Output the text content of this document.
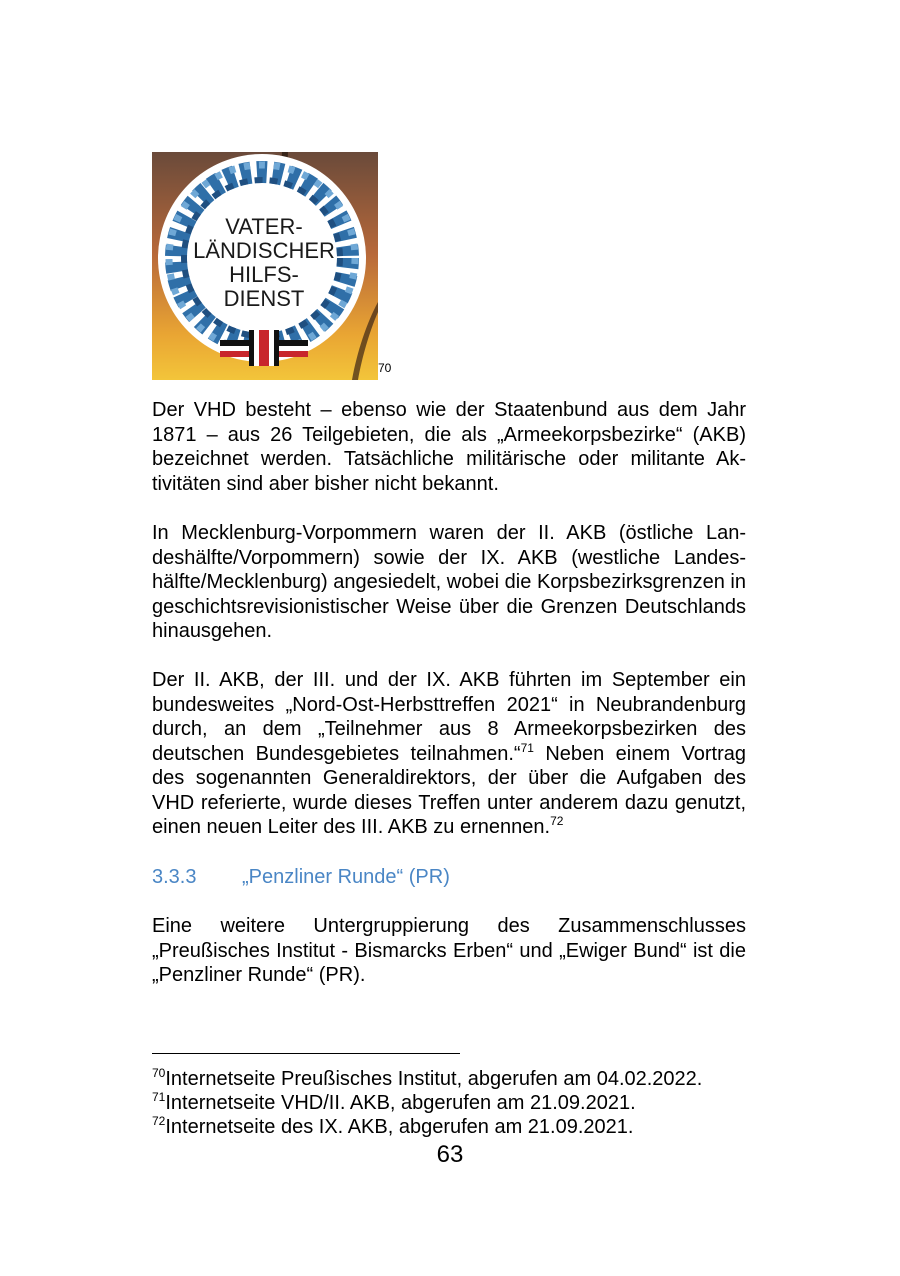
VATER-
LÄNDISCHER
HILFS-
DIENST
70

Der VHD besteht – ebenso wie der Staatenbund aus dem Jahr 1871 – aus 26 Teilgebieten, die als „Armeekorpsbezirke“ (AKB) bezeichnet werden. Tatsächliche militärische oder militante Aktivitäten sind aber bisher nicht bekannt.

In Mecklenburg-Vorpommern waren der II. AKB (östliche Landeshälfte/Vorpommern) sowie der IX. AKB (westliche Landeshälfte/Mecklenburg) angesiedelt, wobei die Korpsbezirksgrenzen in geschichtsrevisionistischer Weise über die Grenzen Deutschlands hinausgehen.

Der II. AKB, der III. und der IX. AKB führten im September ein bundesweites „Nord-Ost-Herbsttreffen 2021“ in Neubrandenburg durch, an dem „Teilnehmer aus 8 Armeekorpsbezirken des deutschen Bundesgebietes teilnahmen.“$^{71}$ Neben einem Vortrag des sogenannten Generaldirektors, der über die Aufgaben des VHD referierte, wurde dieses Treffen unter anderem dazu genutzt, einen neuen Leiter des III. AKB zu ernennen.$^{72}$

3.3.3	„Penzliner Runde“ (PR)

Eine weitere Untergruppierung des Zusammenschlusses „Preußisches Institut - Bismarcks Erben“ und „Ewiger Bund“ ist die „Penzliner Runde“ (PR).

$^{70}$Internetseite Preußisches Institut, abgerufen am 04.02.2022.
$^{71}$Internetseite VHD/II. AKB, abgerufen am 21.09.2021.
$^{72}$Internetseite des IX. AKB, abgerufen am 21.09.2021.
63
